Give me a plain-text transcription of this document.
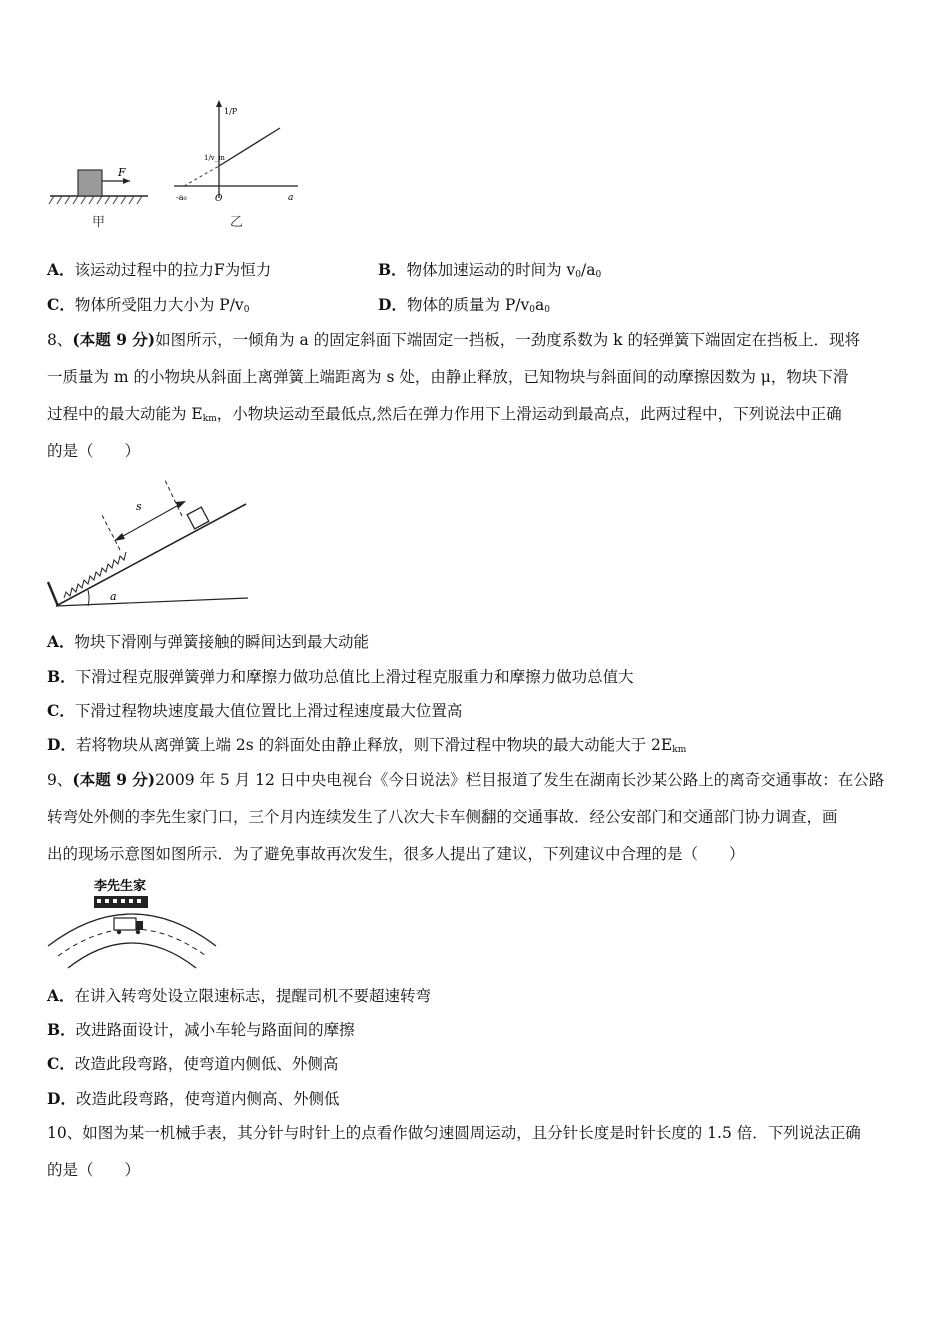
F
甲
1/P
1/v_m
-a₀	O	a
乙
A．该运动过程中的拉力F为恒力	B．物体加速运动的时间为 $v_0/a_0$
C．物体所受阻力大小为 $P/v_0$	D．物体的质量为 $P/v_0a_0$
8、(本题 9 分)如图所示，一倾角为 a 的固定斜面下端固定一挡板，一劲度系数为 k 的轻弹簧下端固定在挡板上．现将
一质量为 m 的小物块从斜面上离弹簧上端距离为 s 处，由静止释放，已知物块与斜面间的动摩擦因数为 μ，物块下滑
过程中的最大动能为 $E_{km}$，小物块运动至最低点,然后在弹力作用下上滑运动到最高点，此两过程中，下列说法中正确
的是（　　）
s
a
A．物块下滑刚与弹簧接触的瞬间达到最大动能
B．下滑过程克服弹簧弹力和摩擦力做功总值比上滑过程克服重力和摩擦力做功总值大
C．下滑过程物块速度最大值位置比上滑过程速度最大位置高
D．若将物块从离弹簧上端 2s 的斜面处由静止释放，则下滑过程中物块的最大动能大于 $2E_{km}$
9、(本题 9 分)2009 年 5 月 12 日中央电视台《今日说法》栏目报道了发生在湖南长沙某公路上的离奇交通事故：在公路
转弯处外侧的李先生家门口，三个月内连续发生了八次大卡车侧翻的交通事故．经公安部门和交通部门协力调查，画
出的现场示意图如图所示．为了避免事故再次发生，很多人提出了建议，下列建议中合理的是（　　）
李先生家
A．在讲入转弯处设立限速标志，提醒司机不要超速转弯
B．改进路面设计，减小车轮与路面间的摩擦
C．改造此段弯路，使弯道内侧低、外侧高
D．改造此段弯路，使弯道内侧高、外侧低
10、如图为某一机械手表，其分针与时针上的点看作做匀速圆周运动，且分针长度是时针长度的 1.5 倍．下列说法正确
的是（　　）
